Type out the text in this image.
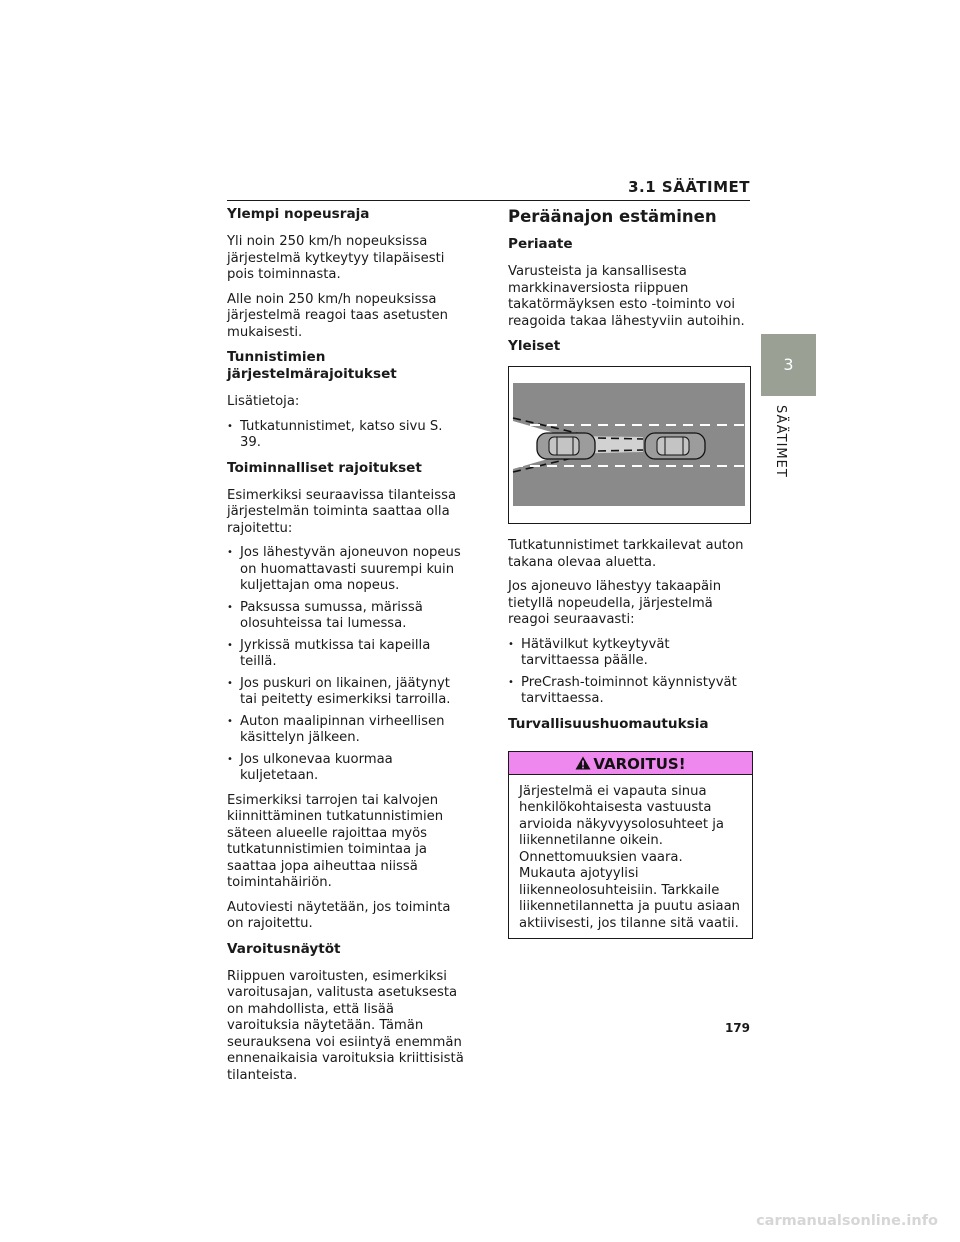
3.1 SÄÄTIMET
3
SÄÄTIMET
Ylempi nopeusraja
Yli noin 250 km/h nopeuksissa järjestelmä kytkeytyy tilapäisesti pois toiminnasta.
Alle noin 250 km/h nopeuksissa järjestelmä reagoi taas asetusten mukaisesti.
Tunnistimien järjestelmärajoitukset
Lisätietoja:
• Tutkatunnistimet, katso sivu S. 39.
Toiminnalliset rajoitukset
Esimerkiksi seuraavissa tilanteissa järjestelmän toiminta saattaa olla rajoitettu:
• Jos lähestyvän ajoneuvon nopeus on huomattavasti suurempi kuin kuljettajan oma nopeus.
• Paksussa sumussa, märissä olosuhteissa tai lumessa.
• Jyrkissä mutkissa tai kapeilla teillä.
• Jos puskuri on likainen, jäätynyt tai peitetty esimerkiksi tarroilla.
• Auton maalipinnan virheellisen käsittelyn jälkeen.
• Jos ulkonevaa kuormaa kuljetetaan.
Esimerkiksi tarrojen tai kalvojen kiinnittäminen tutkatunnistimien säteen alueelle rajoittaa myös tutkatunnistimien toimintaa ja saattaa jopa aiheuttaa niissä toimintahäiriön.
Autoviesti näytetään, jos toiminta on rajoitettu.
Varoitusnäytöt
Riippuen varoitusten, esimerkiksi varoitusajan, valitusta asetuksesta on mahdollista, että lisää varoituksia näytetään. Tämän seurauksena voi esiintyä enemmän ennenaikaisia varoituksia kriittisistä tilanteista.
Peräänajon estäminen
Periaate
Varusteista ja kansallisesta markkinaversiosta riippuen takatörmäyksen esto -toiminto voi reagoida takaa lähestyviin autoihin.
Yleiset
Tutkatunnistimet tarkkailevat auton takana olevaa aluetta.
Jos ajoneuvo lähestyy takaapäin tietyllä nopeudella, järjestelmä reagoi seuraavasti:
• Hätävilkut kytkeytyvät tarvittaessa päälle.
• PreCrash-toiminnot käynnistyvät tarvittaessa.
Turvallisuushuomautuksia
VAROITUS!
Järjestelmä ei vapauta sinua henkilökohtaisesta vastuusta arvioida näkyvyysolosuhteet ja liikennetilanne oikein. Onnettomuuksien vaara. Mukauta ajotyylisi liikenneolosuhteisiin. Tarkkaile liikennetilannetta ja puutu asiaan aktiivisesti, jos tilanne sitä vaatii.
179
carmanualsonline.info
